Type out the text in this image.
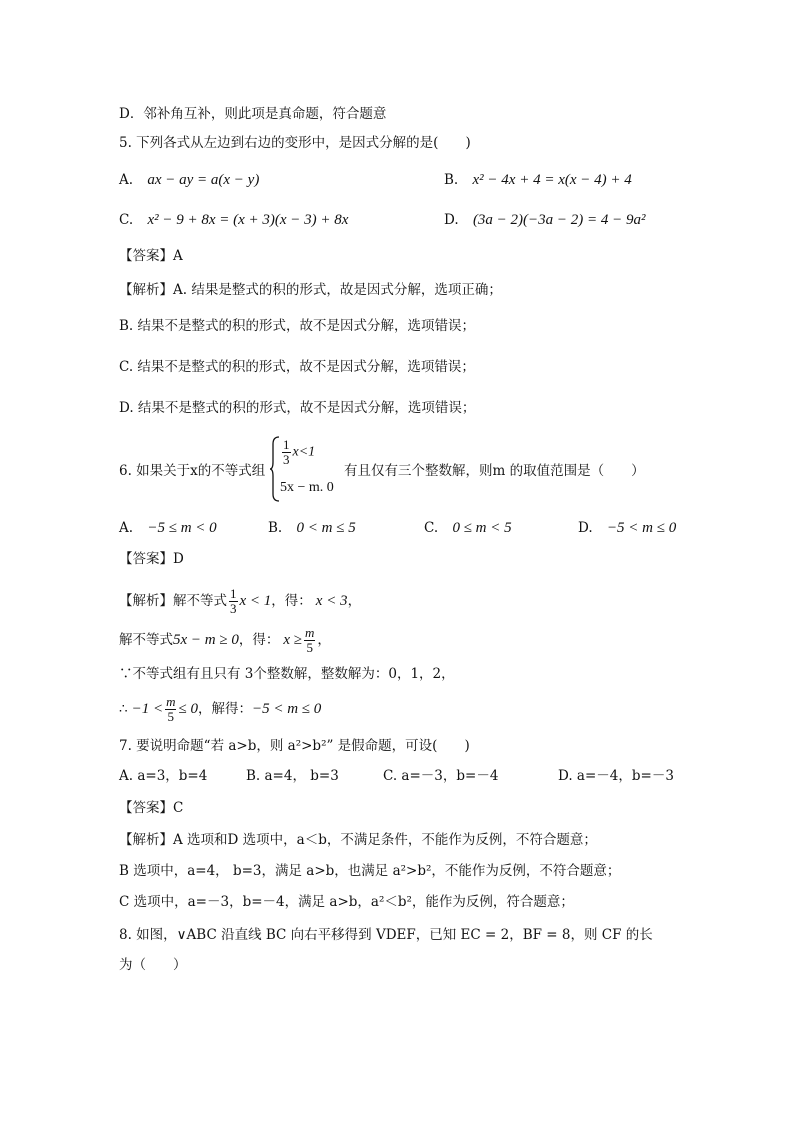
D．邻补角互补，则此项是真命题，符合题意
5. 下列各式从左边到右边的变形中，是因式分解的是(　　)
A. ax − ay = a(x − y)	B. x² − 4x + 4 = x(x − 4) + 4
C. x² − 9 + 8x = (x + 3)(x − 3) + 8x	D. (3a − 2)(−3a − 2) = 4 − 9a²
【答案】A
【解析】A. 结果是整式的积的形式，故是因式分解，选项正确；
B. 结果不是整式的积的形式，故不是因式分解，选项错误；
C. 结果不是整式的积的形式，故不是因式分解，选项错误；
D. 结果不是整式的积的形式，故不是因式分解，选项错误；
6. 如果关于x的不等式组
$\frac{1}{3} x<1$
5x − m. 0
有且仅有三个整数解，则m 的取值范围是（　　）
A. −5 ≤ m < 0	B. 0 < m ≤ 5	C. 0 ≤ m < 5	D. −5 < m ≤ 0
【答案】D
【解析】解不等式 $\frac{1}{3}$ x < 1，得： x < 3，
解不等式5x − m ≥ 0，得： $x \ge \frac{m}{5}$ ，
∵不等式组有且只有 3个整数解，整数解为：0，1，2，
∴ $-1 < \frac{m}{5} \le 0$，解得：−5 < m ≤ 0
7. 要说明命题“若 a>b，则 a²>b²” 是假命题，可设(　　)
A. a=3，b=4	B. a=4， b=3	C. a=－3，b=－4	D. a=－4，b=－3
【答案】C
【解析】A 选项和D 选项中，a＜b，不满足条件，不能作为反例，不符合题意；
B 选项中，a=4， b=3，满足 a>b，也满足 a²>b²，不能作为反例，不符合题意；
C 选项中，a=－3，b=－4，满足 a>b，a²＜b²，能作为反例，符合题意；
8. 如图，∨ABC 沿直线 BC 向右平移得到 VDEF，已知 EC = 2，BF = 8，则 CF 的长
为（　　）
